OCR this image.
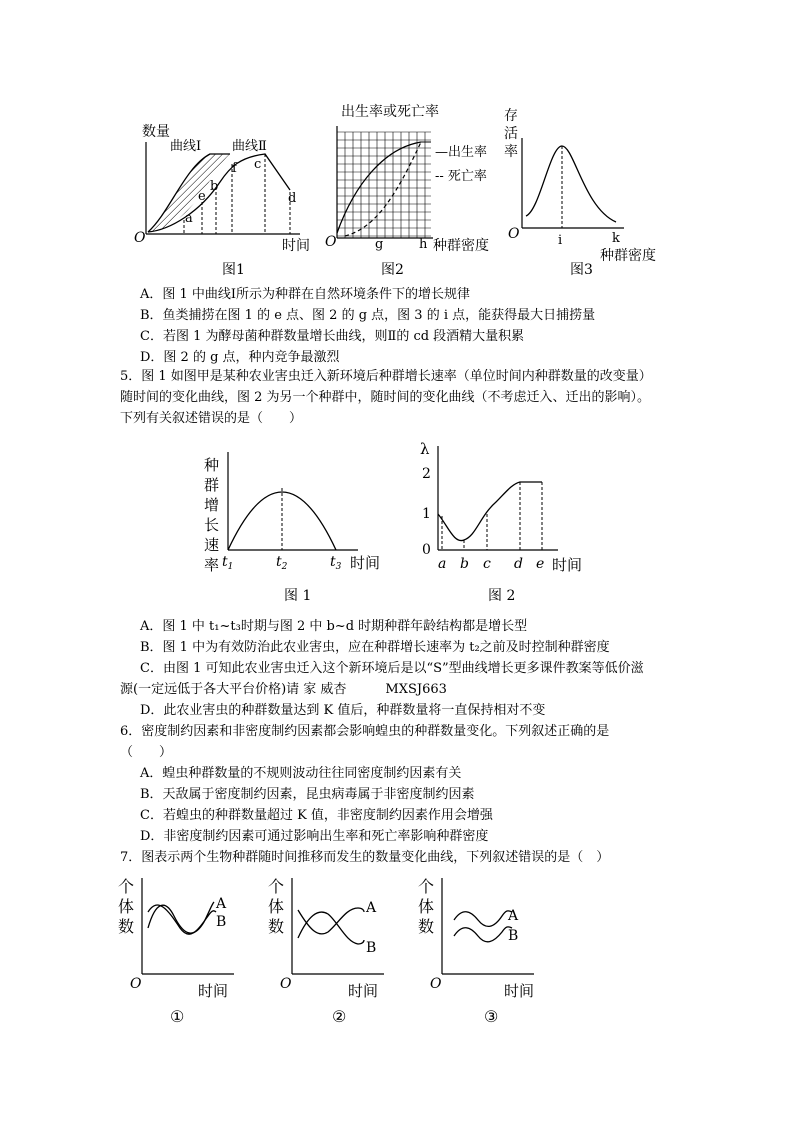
数量
曲线Ⅰ 曲线Ⅱ
a
e
b
f c
d
O	时间
图1
出生率或死亡率
—出生率
-- 死亡率
O	g	h 种群密度
图2
存
活
率
O	i	k
种群密度
图3
A．图 1 中曲线Ⅰ所示为种群在自然环境条件下的增长规律
B．鱼类捕捞在图 1 的 e 点、图 2 的 g 点，图 3 的 i 点，能获得最大日捕捞量
C．若图 1 为酵母菌种群数量增长曲线，则Ⅱ的 cd 段酒精大量积累
D．图 2 的 g 点，种内竞争最激烈
5．图 1 如图甲是某种农业害虫迁入新环境后种群增长速率（单位时间内种群数量的改变量）
随时间的变化曲线，图 2 为另一个种群中，随时间的变化曲线（不考虑迁入、迁出的影响）。
下列有关叙述错误的是（　　）
种
群
增
长
速
率 $t_1$	$t_2$	$t_3$ 时间
图 1
λ
2
1
0
a b c d e 时间
图 2
A．图 1 中 t₁~t₃时期与图 2 中 b~d 时期种群年龄结构都是增长型
B．图 1 中为有效防治此农业害虫，应在种群增长速率为 t₂之前及时控制种群密度
C．由图 1 可知此农业害虫迁入这个新环境后是以“S”型曲线增长更多课件教案等低价滋
源(一定远低于各大平台价格)请 家 威杏　　　MXSJ663
D．此农业害虫的种群数量达到 K 值后，种群数量将一直保持相对不变
6．密度制约因素和非密度制约因素都会影响蝗虫的种群数量变化。下列叙述正确的是
（　　）
A．蝗虫种群数量的不规则波动往往同密度制约因素有关
B．天敌属于密度制约因素，昆虫病毒属于非密度制约因素
C．若蝗虫的种群数量超过 K 值，非密度制约因素作用会增强
D．非密度制约因素可通过影响出生率和死亡率影响种群密度
7．图表示两个生物种群随时间推移而发生的数量变化曲线，下列叙述错误的是（　）
个
体
数
A
B
O	时间
①
个
体
数
A
B
O	时间
②
个
体
数
A
B
O	时间
③
